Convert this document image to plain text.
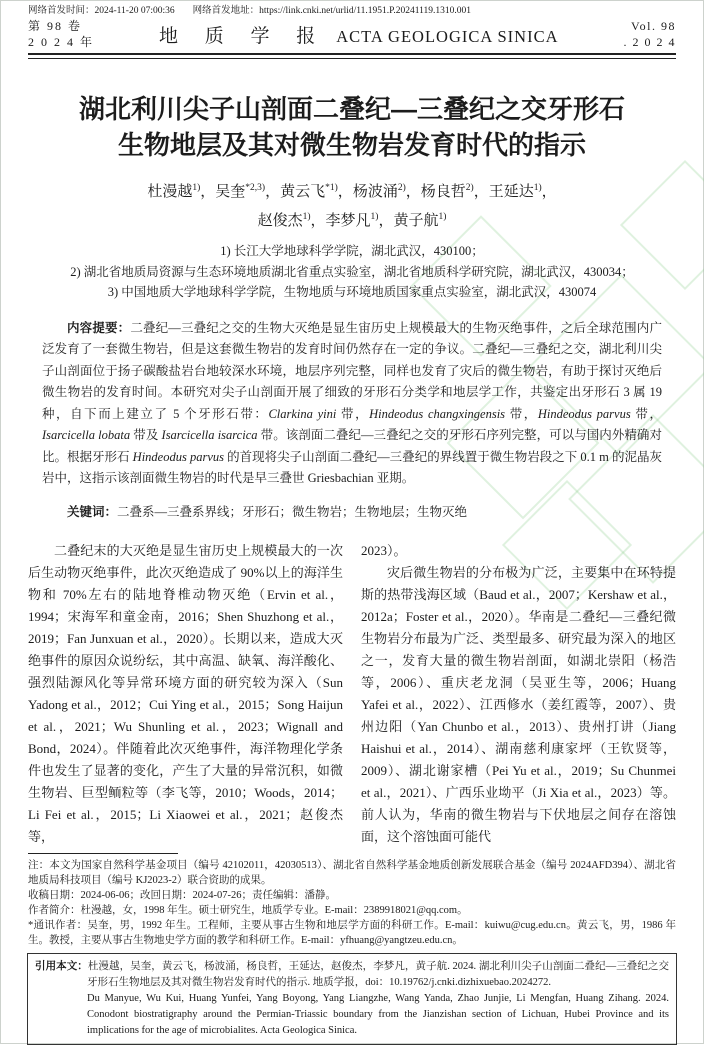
网络首发时间：2024-11-20 07:00:36 网络首发地址：https://link.cnki.net/urlid/11.1951.P.20241119.1310.001
第 98 卷
2 0 2 4 年	地 质 学 报 ACTA GEOLOGICA SINICA
Vol. 98
. 2 0 2 4
湖北利川尖子山剖面二叠纪—三叠纪之交牙形石
生物地层及其对微生物岩发育时代的指示
杜漫越$^{1)}$，吴奎$^{*2,3)}$，黄云飞$^{*1)}$，杨波涌$^{2)}$，杨良哲$^{2)}$，王延达$^{1)}$，
赵俊杰$^{1)}$，李梦凡$^{1)}$，黄子航$^{1)}$
1) 长江大学地球科学学院，湖北武汉，430100；
2) 湖北省地质局资源与生态环境地质湖北省重点实验室，湖北省地质科学研究院，湖北武汉，430034；
3) 中国地质大学地球科学学院，生物地质与环境地质国家重点实验室，湖北武汉，430074
内容提要：二叠纪—三叠纪之交的生物大灭绝是显生宙历史上规模最大的生物灭绝事件，之后全球范围内广泛发育了一套微生物岩，但是这套微生物岩的发育时间仍然存在一定的争议。二叠纪—三叠纪之交，湖北利川尖子山剖面位于扬子碳酸盐岩台地较深水环境，地层序列完整，同样也发育了灾后的微生物岩，有助于探讨灭绝后微生物岩的发育时间。本研究对尖子山剖面开展了细致的牙形石分类学和地层学工作，共鉴定出牙形石 3 属 19 种，自下而上建立了 5 个牙形石带：Clarkina yini 带，Hindeodus changxingensis 带，Hindeodus parvus 带，Isarcicella lobata 带及 Isarcicella isarcica 带。该剖面二叠纪—三叠纪之交的牙形石序列完整，可以与国内外精确对比。根据牙形石 Hindeodus parvus 的首现将尖子山剖面二叠纪—三叠纪的界线置于微生物岩段之下 0.1 m 的泥晶灰岩中，这指示该剖面微生物岩的时代是早三叠世 Griesbachian 亚期。
关键词：二叠系—三叠系界线；牙形石；微生物岩；生物地层；生物灭绝

二叠纪末的大灭绝是显生宙历史上规模最大的一次后生动物灭绝事件，此次灭绝造成了 90%以上的海洋生物和 70%左右的陆地脊椎动物灭绝（Ervin et al.，1994；宋海军和童金南，2016；Shen Shuzhong et al.，2019；Fan Junxuan et al.，2020）。长期以来，造成大灭绝事件的原因众说纷纭，其中高温、缺氧、海洋酸化、强烈陆源风化等异常环境方面的研究较为深入（Sun Yadong et al.，2012；Cui Ying et al.，2015；Song Haijun et al.，2021；Wu Shunling et al.，2023；Wignall and Bond，2024）。伴随着此次灭绝事件，海洋物理化学条件也发生了显著的变化，产生了大量的异常沉积，如微生物岩、巨型鲕粒等（李飞等，2010；Woods，2014；Li Fei et al.，2015；Li Xiaowei et al.，2021；赵俊杰等，

2023）。

灾后微生物岩的分布极为广泛，主要集中在环特提斯的热带浅海区域（Baud et al.，2007；Kershaw et al.，2012a；Foster et al.，2020）。华南是二叠纪—三叠纪微生物岩分布最为广泛、类型最多、研究最为深入的地区之一，发育大量的微生物岩剖面，如湖北崇阳（杨浩等，2006）、重庆老龙洞（吴亚生等，2006；Huang Yafei et al.，2022）、江西修水（姜红霞等，2007）、贵州边阳（Yan Chunbo et al.，2013）、贵州打讲（Jiang Haishui et al.，2014）、湖南慈利康家坪（王钦贤等，2009）、湖北谢家槽（Pei Yu et al.，2019；Su Chunmei et al.，2021）、广西乐业坳平（Ji Xia et al.，2023）等。前人认为，华南的微生物岩与下伏地层之间存在溶蚀面，这个溶蚀面可能代

注：本文为国家自然科学基金项目（编号 42102011，42030513）、湖北省自然科学基金地质创新发展联合基金（编号 2024AFD394）、湖北省地质局科技项目（编号 KJ2023-2）联合资助的成果。

收稿日期：2024-06-06；改回日期：2024-07-26；责任编辑：潘静。

作者简介：杜漫越，女，1998 年生。硕士研究生，地质学专业。E-mail：2389918021@qq.com。

*通讯作者：吴奎，男，1992 年生。工程师，主要从事古生物和地层学方面的科研工作。E-mail：kuiwu@cug.edu.cn。黄云飞，男，1986 年生。教授，主要从事古生物地史学方面的教学和科研工作。E-mail：yfhuang@yangtzeu.edu.cn。

引用本文：杜漫越，吴奎，黄云飞，杨波涌，杨良哲，王延达，赵俊杰，李梦凡，黄子航. 2024. 湖北利川尖子山剖面二叠纪—三叠纪之交牙形石生物地层及其对微生物岩发育时代的指示. 地质学报，doi：10.19762/j.cnki.dizhixuebao.2024272.

Du Manyue, Wu Kui, Huang Yunfei, Yang Boyong, Yang Liangzhe, Wang Yanda, Zhao Junjie, Li Mengfan, Huang Zihang. 2024. Conodont biostratigraphy around the Permian-Triassic boundary from the Jianzishan section of Lichuan, Hubei Province and its implications for the age of microbialites. Acta Geologica Sinica.
